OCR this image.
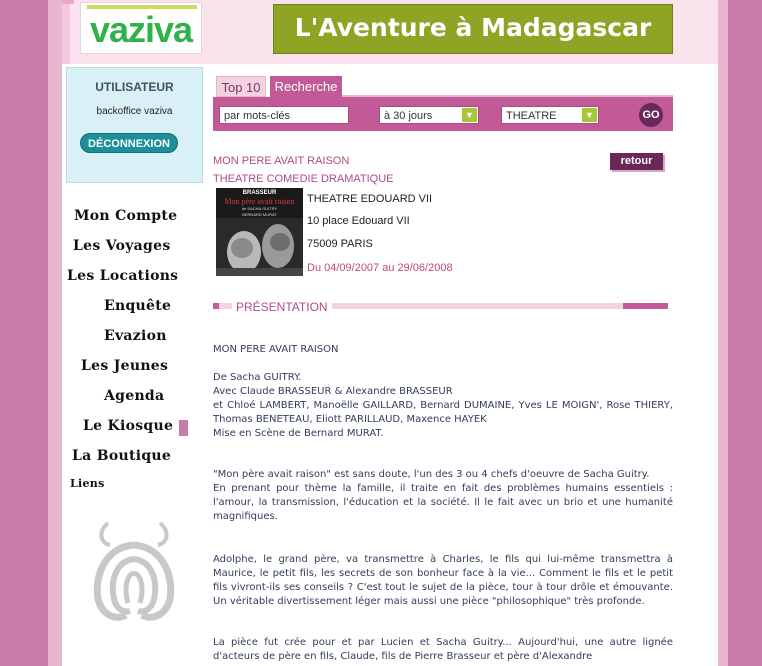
vaziva	L'Aventure à Madagascar
UTILISATEUR
backoffice vaziva
DÉCONNEXION
Mon Compte
Les Voyages
Les Locations
Enquête
Evazion
Les Jeunes
Agenda
Le Kiosque
La Boutique
Liens
Top 10	Recherche
par mots-clés	à 30 jours	▼	THEATRE	▼	GO
MON PERE AVAIT RAISON
THEATRE COMEDIE DRAMATIQUE
retour
BRASSEUR
Mon père avait raison
de SACHA GUITRY
BERNARD MURAT
THEATRE EDOUARD VII
10 place Edouard VII
75009 PARIS
Du 04/09/2007 au 29/06/2008
PRÉSENTATION
MON PERE AVAIT RAISON

De Sacha GUITRY.

Avec Claude BRASSEUR & Alexandre BRASSEUR

et Chloé LAMBERT, Manoëlle GAILLARD, Bernard DUMAINE, Yves LE MOIGN', Rose THIERY, Thomas BENETEAU, Eliott PARILLAUD, Maxence HAYEK

Mise en Scène de Bernard MURAT.

"Mon père avait raison" est sans doute, l'un des 3 ou 4 chefs d'oeuvre de Sacha Guitry.

En prenant pour thème la famille, il traite en fait des problèmes humains essentiels : l'amour, la transmission, l'éducation et la société. Il le fait avec un brio et une humanité magnifiques.

Adolphe, le grand père, va transmettre à Charles, le fils qui lui-même transmettra à Maurice, le petit fils, les secrets de son bonheur face à la vie... Comment le fils et le petit fils vivront-ils ses conseils ? C'est tout le sujet de la pièce, tour à tour drôle et émouvante. Un véritable divertissement léger mais aussi une pièce "philosophique" très profonde.
La pièce fut crée pour et par Lucien et Sacha Guitry... Aujourd'hui, une autre lignée d'acteurs de père en fils, Claude, fils de Pierre Brasseur et père d'Alexandre
